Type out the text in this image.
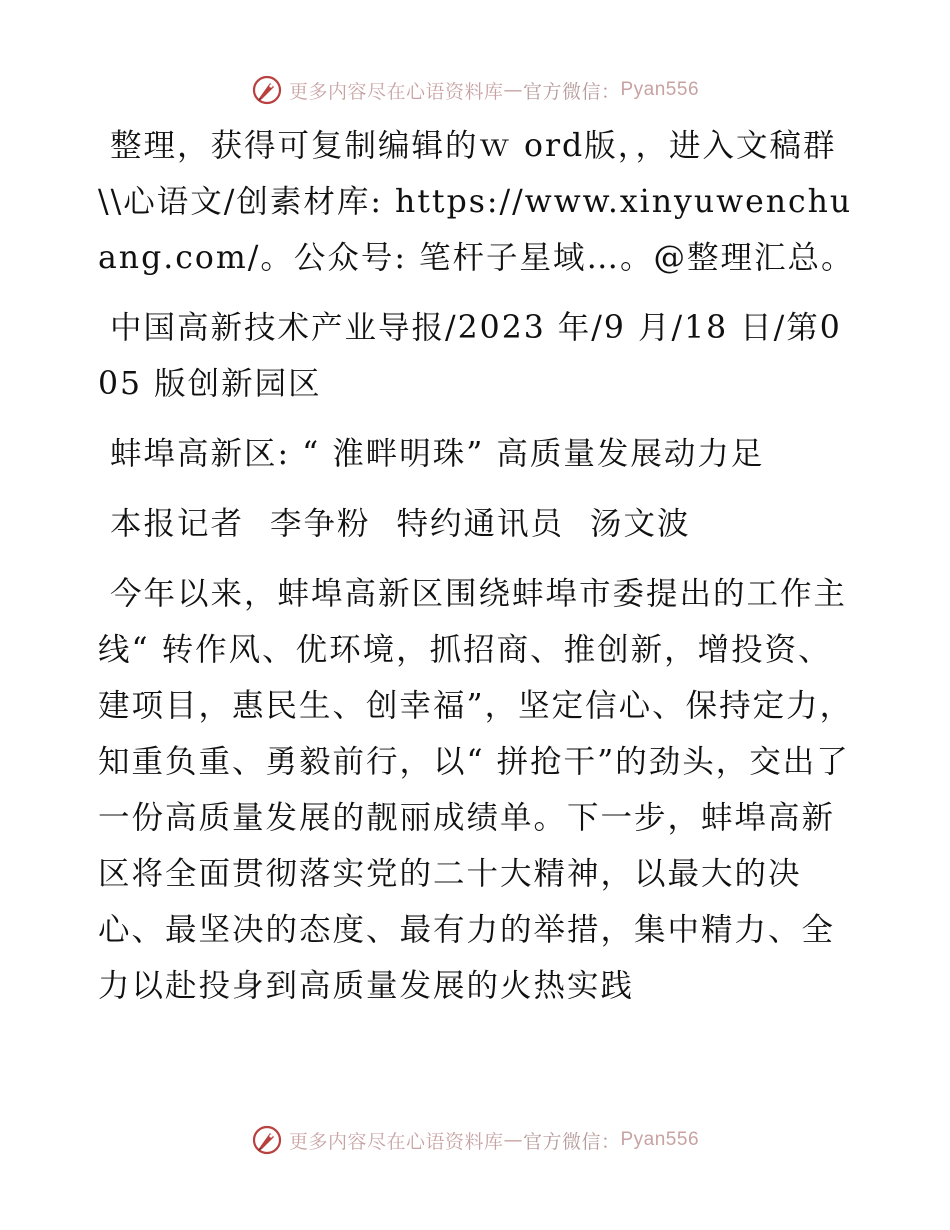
更多内容尽在心语资料库 — 官方微信： Pyan556

整理，获得可复制编辑的ｗ ord版，，进入文稿群\\心语文/创素材库: https://www.xinyuwenchuang.com/。公众号: 笔杆子星域…。@整理汇总。

中国高新技术产业导报/2023 年/9 月/18 日/第005 版创新园区

蚌埠高新区: “ 淮畔明珠” 高质量发展动力足

本报记者 李争粉 特约通讯员 汤文波

今年以来，蚌埠高新区围绕蚌埠市委提出的工作主线“ 转作风、优环境，抓招商、推创新，增投资、建项目，惠民生、创幸福”，坚定信心、保持定力，知重负重、勇毅前行，以“ 拼抢干”的劲头，交出了一份高质量发展的靓丽成绩单。下一步，蚌埠高新区将全面贯彻落实党的二十大精神，以最大的决心、最坚决的态度、最有力的举措，集中精力、全力以赴投身到高质量发展的火热实践

更多内容尽在心语资料库 — 官方微信： Pyan556
